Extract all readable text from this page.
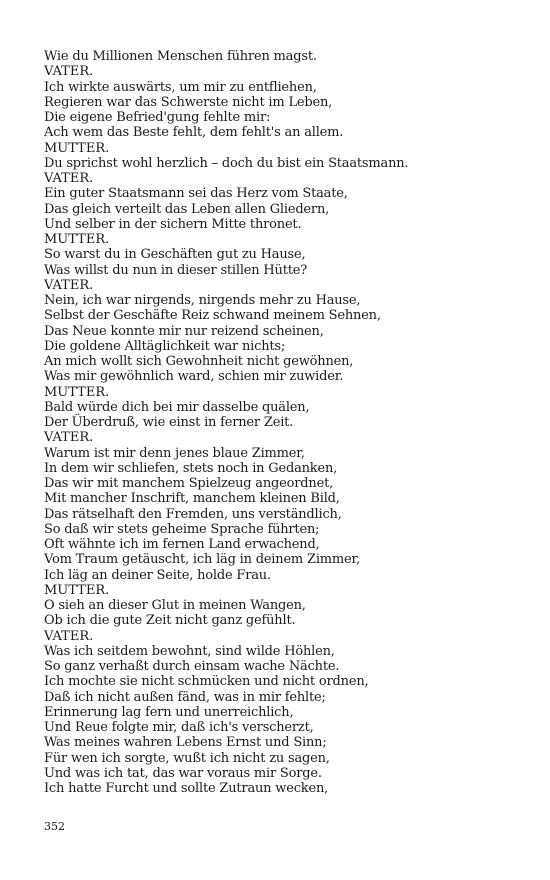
Wie du Millionen Menschen führen magst.
VATER.
Ich wirkte auswärts, um mir zu entfliehen,
Regieren war das Schwerste nicht im Leben,
Die eigene Befried'gung fehlte mir:
Ach wem das Beste fehlt, dem fehlt's an allem.
MUTTER.
Du sprichst wohl herzlich – doch du bist ein Staatsmann.
VATER.
Ein guter Staatsmann sei das Herz vom Staate,
Das gleich verteilt das Leben allen Gliedern,
Und selber in der sichern Mitte thronet.
MUTTER.
So warst du in Geschäften gut zu Hause,
Was willst du nun in dieser stillen Hütte?
VATER.
Nein, ich war nirgends, nirgends mehr zu Hause,
Selbst der Geschäfte Reiz schwand meinem Sehnen,
Das Neue konnte mir nur reizend scheinen,
Die goldene Alltäglichkeit war nichts;
An mich wollt sich Gewohnheit nicht gewöhnen,
Was mir gewöhnlich ward, schien mir zuwider.
MUTTER.
Bald würde dich bei mir dasselbe quälen,
Der Überdruß, wie einst in ferner Zeit.
VATER.
Warum ist mir denn jenes blaue Zimmer,
In dem wir schliefen, stets noch in Gedanken,
Das wir mit manchem Spielzeug angeordnet,
Mit mancher Inschrift, manchem kleinen Bild,
Das rätselhaft den Fremden, uns verständlich,
So daß wir stets geheime Sprache führten;
Oft wähnte ich im fernen Land erwachend,
Vom Traum getäuscht, ich läg in deinem Zimmer,
Ich läg an deiner Seite, holde Frau.
MUTTER.
O sieh an dieser Glut in meinen Wangen,
Ob ich die gute Zeit nicht ganz gefühlt.
VATER.
Was ich seitdem bewohnt, sind wilde Höhlen,
So ganz verhaßt durch einsam wache Nächte.
Ich mochte sie nicht schmücken und nicht ordnen,
Daß ich nicht außen fänd, was in mir fehlte;
Erinnerung lag fern und unerreichlich,
Und Reue folgte mir, daß ich's verscherzt,
Was meines wahren Lebens Ernst und Sinn;
Für wen ich sorgte, wußt ich nicht zu sagen,
Und was ich tat, das war voraus mir Sorge.
Ich hatte Furcht und sollte Zutraun wecken,
352
